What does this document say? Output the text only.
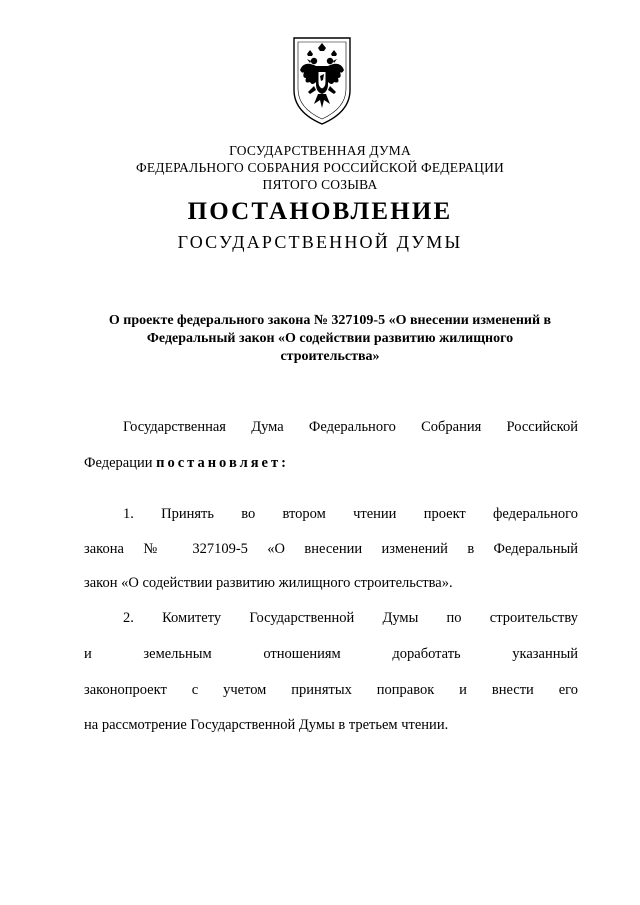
ГОСУДАРСТВЕННАЯ ДУМА
ФЕДЕРАЛЬНОГО СОБРАНИЯ РОССИЙСКОЙ ФЕДЕРАЦИИ
ПЯТОГО СОЗЫВА
ПОСТАНОВЛЕНИЕ
ГОСУДАРСТВЕННОЙ ДУМЫ
О проекте федерального закона № 327109-5 «О внесении изменений в
Федеральный закон «О содействии развитию жилищного
строительства»
Государственная Дума Федерального Собрания Российской
Федерации постановляет:
1. Принять во втором чтении проект федерального
закона № 327109-5 «О внесении изменений в Федеральный
закон «О содействии развитию жилищного строительства».
2. Комитету Государственной Думы по строительству
и земельным отношениям доработать указанный
законопроект с учетом принятых поправок и внести его
на рассмотрение Государственной Думы в третьем чтении.
